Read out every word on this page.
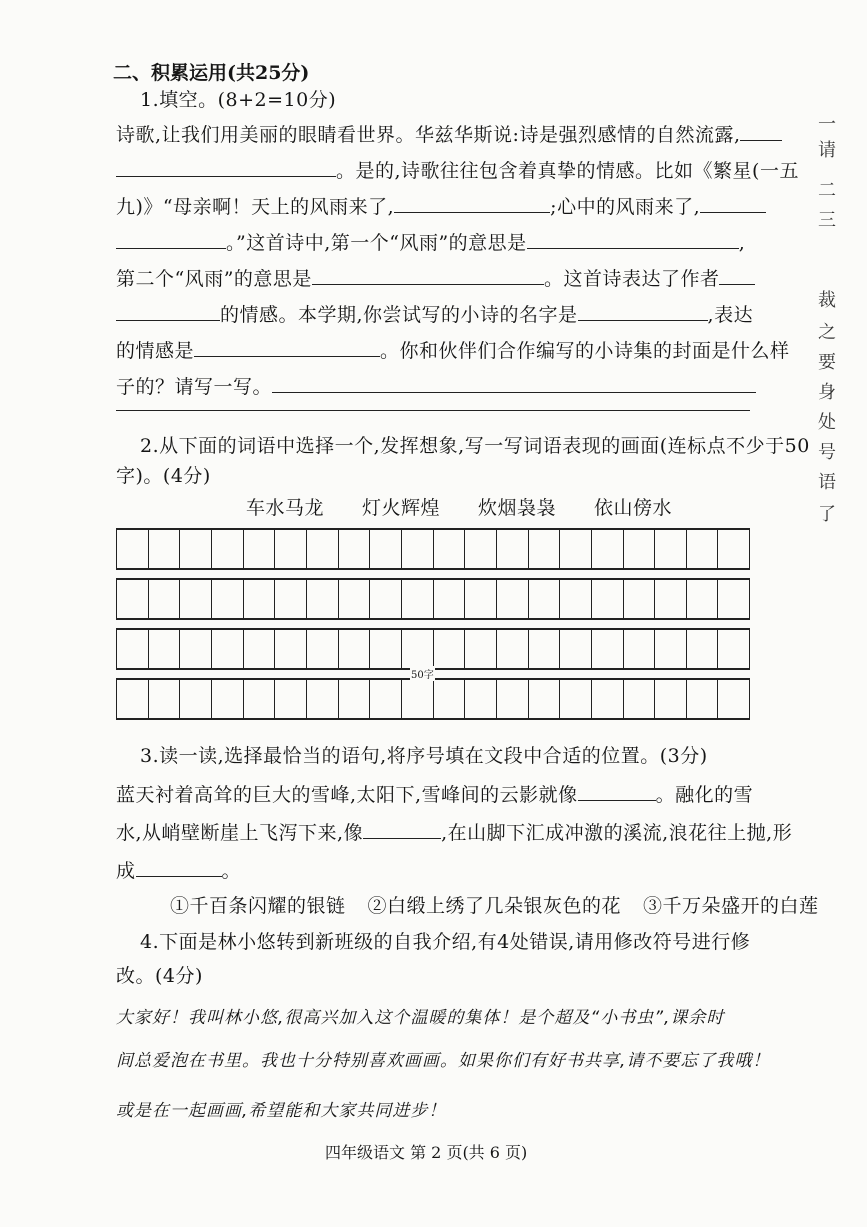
二、积累运用(共25分)
1.填空。(8+2=10分)
诗歌,让我们用美丽的眼睛看世界。华兹华斯说:诗是强烈感情的自然流露,
。是的,诗歌往往包含着真挚的情感。比如《繁星(一五
九)》“母亲啊！天上的风雨来了,	;心中的风雨来了,
。”这首诗中,第一个“风雨”的意思是	,
第二个“风雨”的意思是	。这首诗表达了作者
的情感。本学期,你尝试写的小诗的名字是	,表达
的情感是	。你和伙伴们合作编写的小诗集的封面是什么样
子的？请写一写。
2.从下面的词语中选择一个,发挥想象,写一写词语表现的画面(连标点不少于50
字)。(4分)
车水马龙 灯火辉煌 炊烟袅袅 依山傍水
50字
3.读一读,选择最恰当的语句,将序号填在文段中合适的位置。(3分)
蓝天衬着高耸的巨大的雪峰,太阳下,雪峰间的云影就像	。融化的雪
水,从峭壁断崖上飞泻下来,像	,在山脚下汇成冲激的溪流,浪花往上抛,形
成	。
①千百条闪耀的银链 ②白缎上绣了几朵银灰色的花 ③千万朵盛开的白莲
4.下面是林小悠转到新班级的自我介绍,有4处错误,请用修改符号进行修
改。(4分)
大家好！我叫林小悠,很高兴加入这个温暖的集体！是个超及“小书虫”,课余时
间总爱泡在书里。我也十分特别喜欢画画。如果你们有好书共享,请不要忘了我哦！
或是在一起画画,希望能和大家共同进步！
四年级语文 第 2 页(共 6 页)
一
请
二
三
裁
之
要
身
处
号
语
了
